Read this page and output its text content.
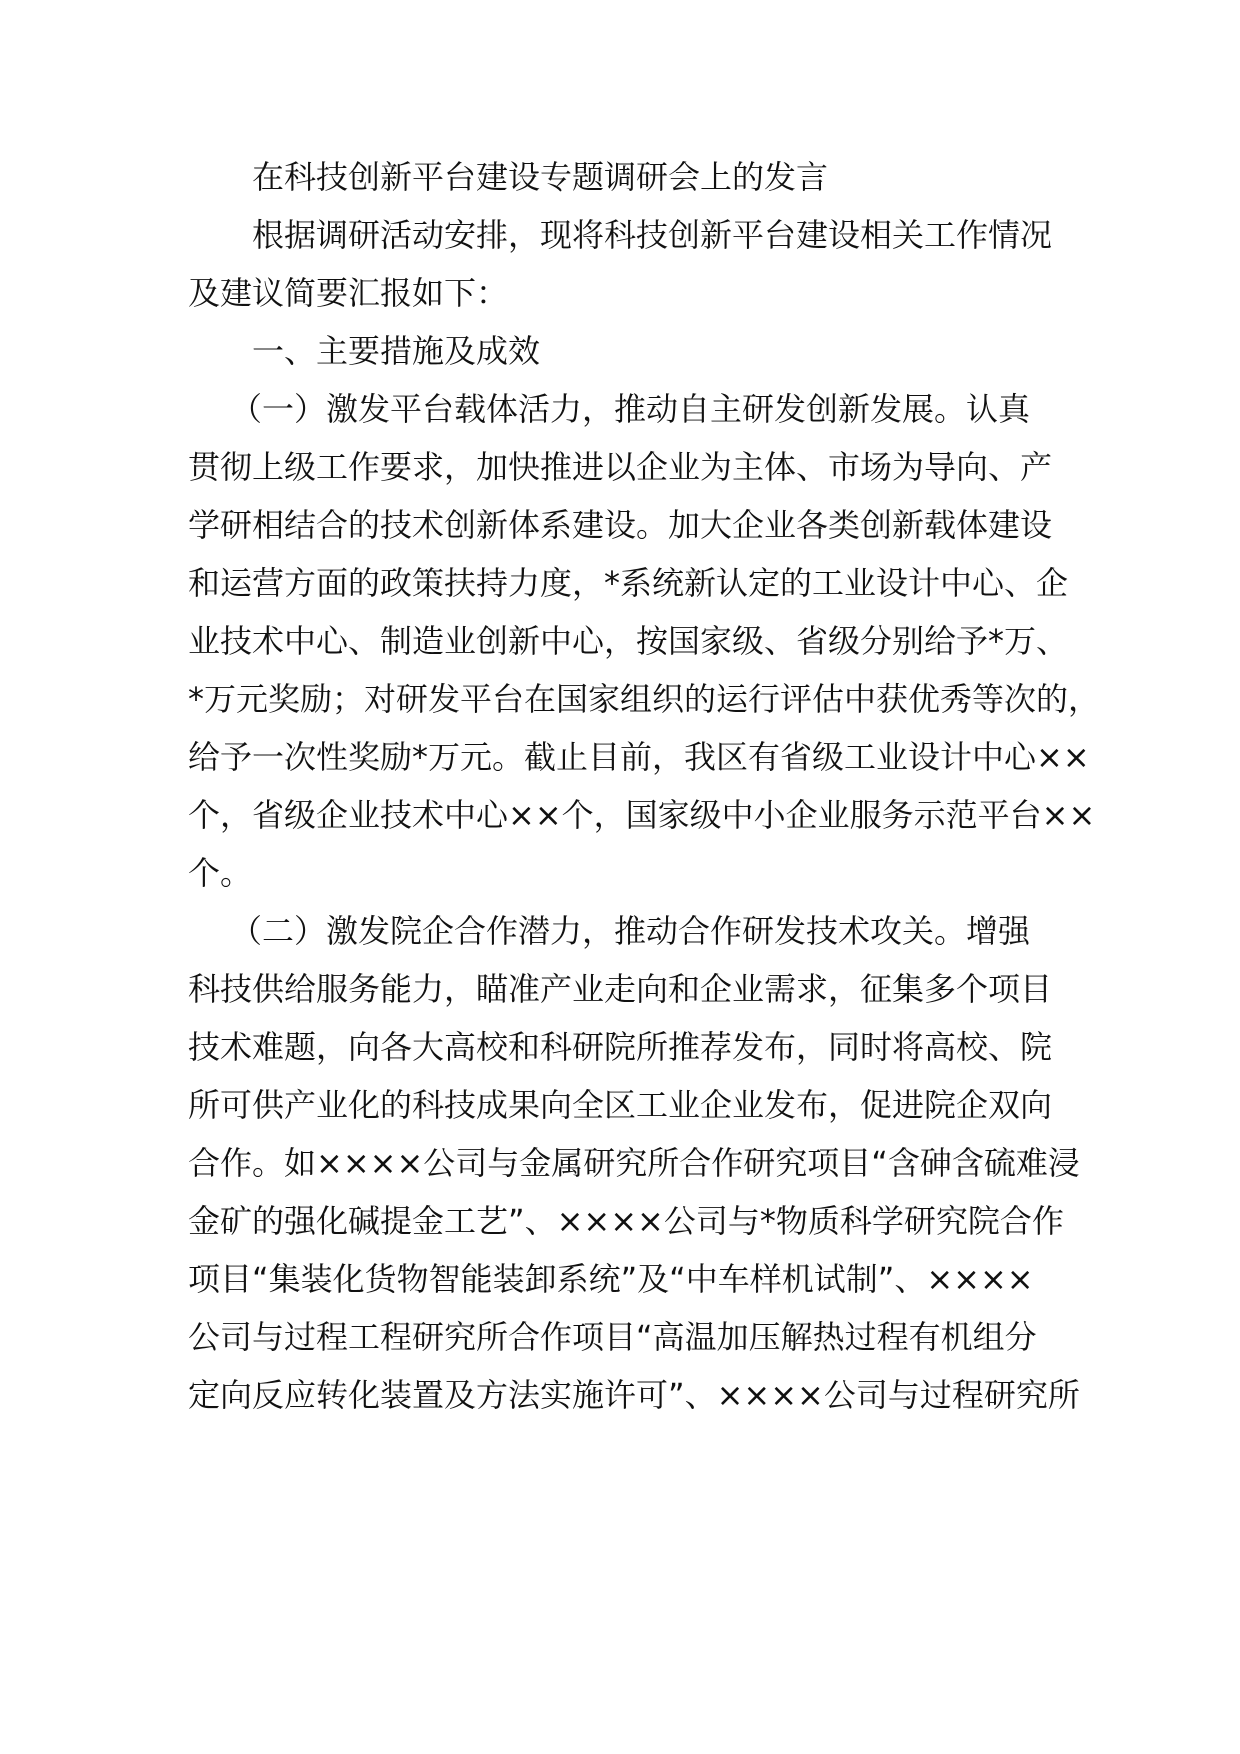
在科技创新平台建设专题调研会上的发言
根据调研活动安排，现将科技创新平台建设相关工作情况
及建议简要汇报如下：
一、主要措施及成效
（一）激发平台载体活力，推动自主研发创新发展。认真
贯彻上级工作要求，加快推进以企业为主体、市场为导向、产
学研相结合的技术创新体系建设。加大企业各类创新载体建设
和运营方面的政策扶持力度，*系统新认定的工业设计中心、企
业技术中心、制造业创新中心，按国家级、省级分别给予*万、
*万元奖励；对研发平台在国家组织的运行评估中获优秀等次的，
给予一次性奖励*万元。截止目前，我区有省级工业设计中心××
个，省级企业技术中心××个，国家级中小企业服务示范平台××
个。
（二）激发院企合作潜力，推动合作研发技术攻关。增强
科技供给服务能力，瞄准产业走向和企业需求，征集多个项目
技术难题，向各大高校和科研院所推荐发布，同时将高校、院
所可供产业化的科技成果向全区工业企业发布，促进院企双向
合作。如××××公司与金属研究所合作研究项目“含砷含硫难浸
金矿的强化碱提金工艺”、××××公司与*物质科学研究院合作
项目“集装化货物智能装卸系统”及“中车样机试制”、××××
公司与过程工程研究所合作项目“高温加压解热过程有机组分
定向反应转化装置及方法实施许可”、××××公司与过程研究所
